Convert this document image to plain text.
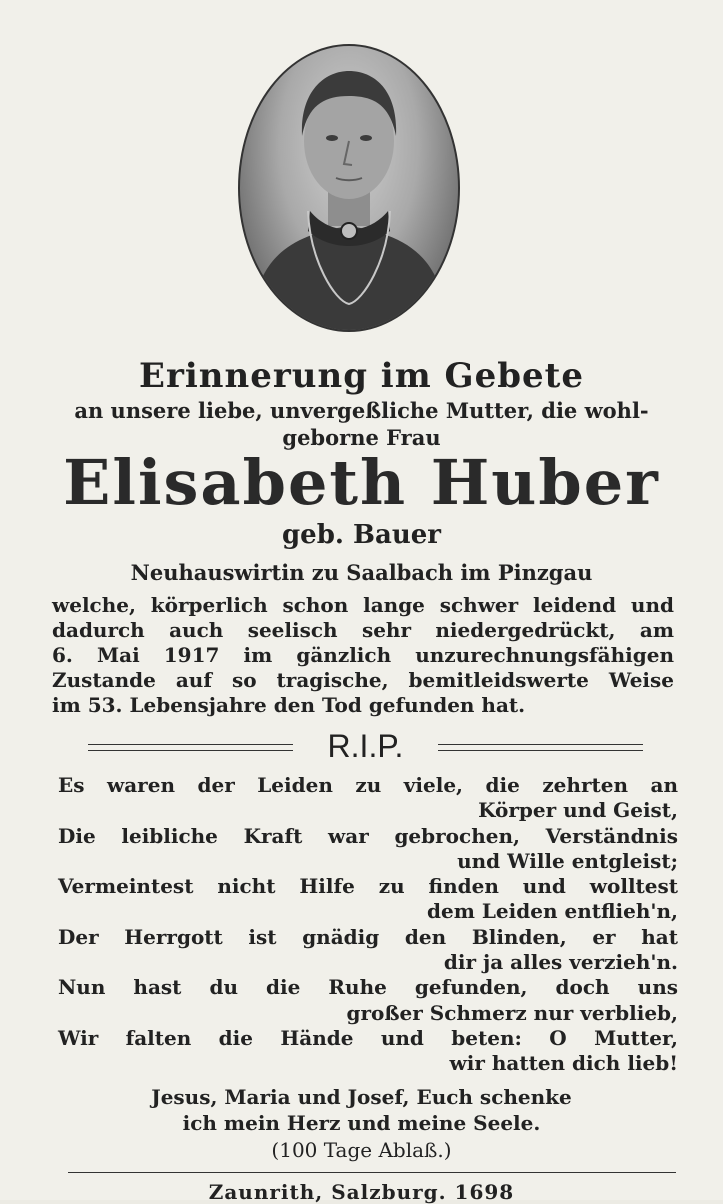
Erinnerung im Gebete
an unsere liebe, unvergeßliche Mutter, die wohl-
geborne Frau
Elisabeth Huber
geb. Bauer
Neuhauswirtin zu Saalbach im Pinzgau
welche, körperlich schon lange schwer leidend und
dadurch auch seelisch sehr niedergedrückt, am
6. Mai 1917 im gänzlich unzurechnungsfähigen
Zustande auf so tragische, bemitleidswerte Weise
im 53. Lebensjahre den Tod gefunden hat.
R.I.P.
Es waren der Leiden zu viele, die zehrten an
Körper und Geist,
Die leibliche Kraft war gebrochen, Verständnis
und Wille entgleist;
Vermeintest nicht Hilfe zu finden und wolltest
dem Leiden entflieh'n,
Der Herrgott ist gnädig den Blinden, er hat
dir ja alles verzieh'n.
Nun hast du die Ruhe gefunden, doch uns
großer Schmerz nur verblieb,
Wir falten die Hände und beten: O Mutter,
wir hatten dich lieb!
Jesus, Maria und Josef, Euch schenke
ich mein Herz und meine Seele.
(100 Tage Ablaß.)
Zaunrith, Salzburg. 1698
